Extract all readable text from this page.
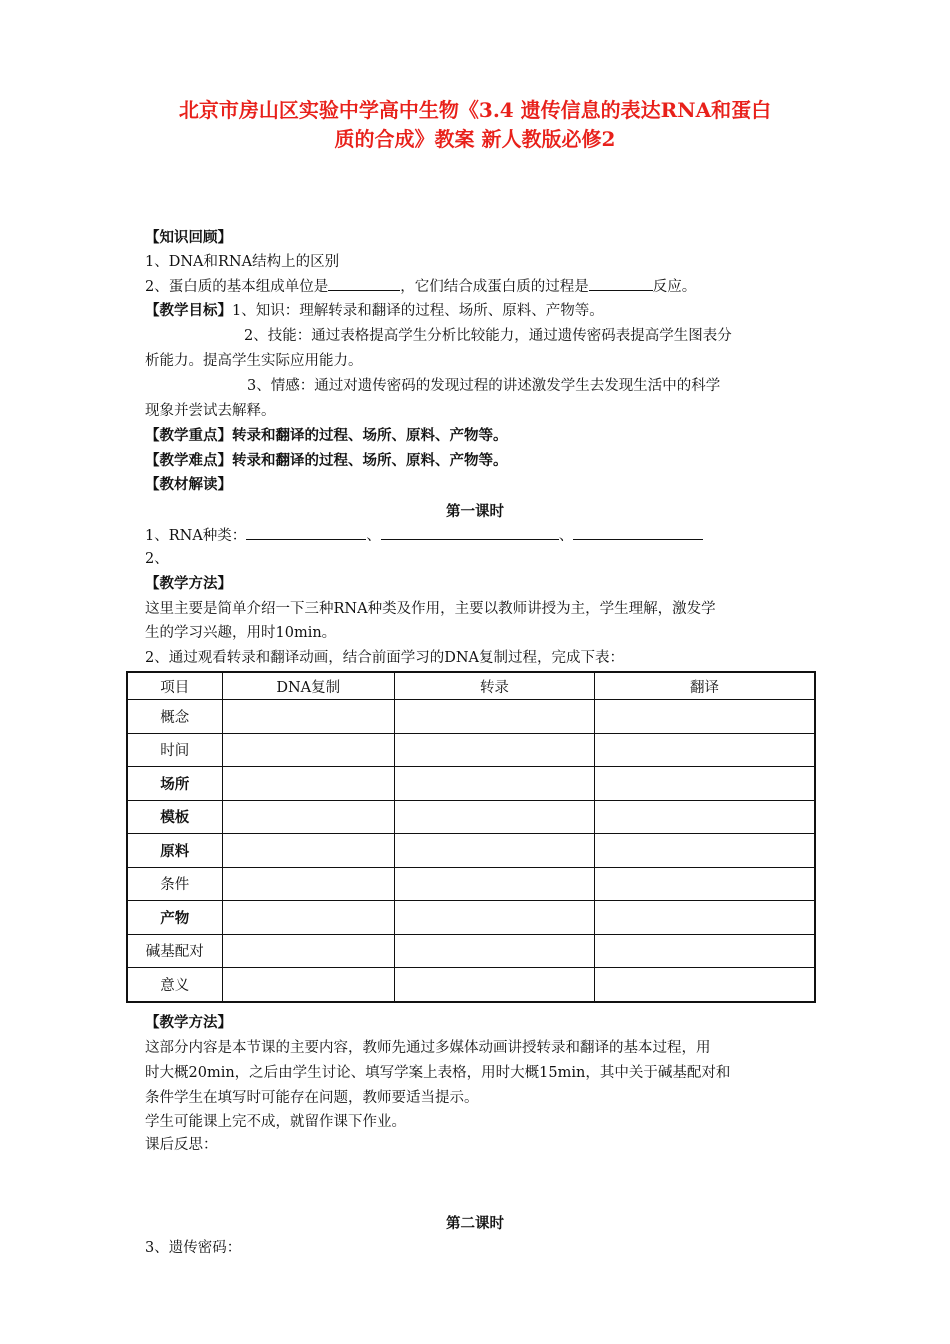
北京市房山区实验中学高中生物《3.4 遗传信息的表达RNA和蛋白
质的合成》教案 新人教版必修2
【知识回顾】
1、DNA和RNA结构上的区别
2、蛋白质的基本组成单位是	，它们结合成蛋白质的过程是	反应。
【教学目标】1、知识：理解转录和翻译的过程、场所、原料、产物等。
2、技能：通过表格提高学生分析比较能力，通过遗传密码表提高学生图表分
析能力。提高学生实际应用能力。
3、情感：通过对遗传密码的发现过程的讲述激发学生去发现生活中的科学
现象并尝试去解释。
【教学重点】转录和翻译的过程、场所、原料、产物等。
【教学难点】转录和翻译的过程、场所、原料、产物等。
【教材解读】
第一课时
1、RNA种类：	、	、
2、
【教学方法】
这里主要是简单介绍一下三种RNA种类及作用，主要以教师讲授为主，学生理解，激发学
生的学习兴趣，用时10min。
2、通过观看转录和翻译动画，结合前面学习的DNA复制过程，完成下表：
项目	DNA复制	转录	翻译
概念			
时间			
场所			
模板			
原料			
条件			
产物			
碱基配对			
意义			
【教学方法】
这部分内容是本节课的主要内容，教师先通过多媒体动画讲授转录和翻译的基本过程，用
时大概20min，之后由学生讨论、填写学案上表格，用时大概15min，其中关于碱基配对和
条件学生在填写时可能存在问题，教师要适当提示。
学生可能课上完不成，就留作课下作业。
课后反思：
第二课时
3、遗传密码：
